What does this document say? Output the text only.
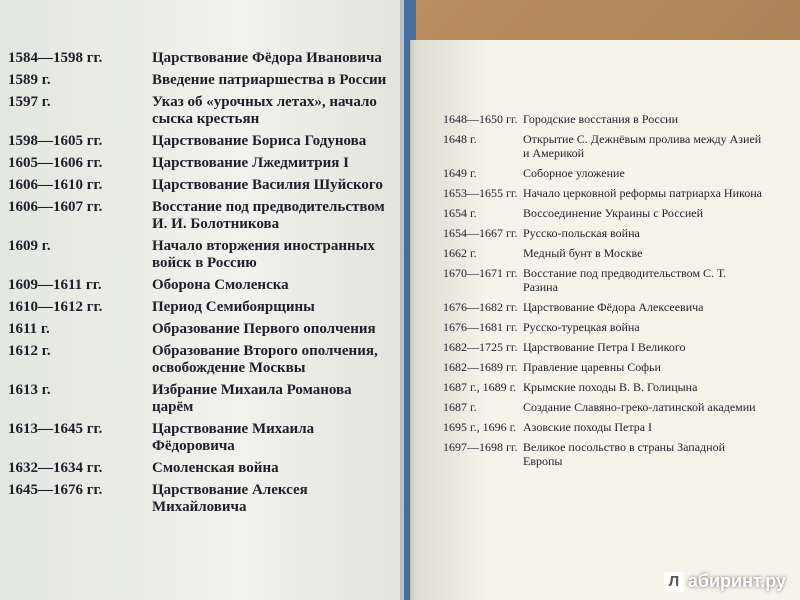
1584—1598 гг.	Царствование Фёдора Ивановича
1589 г.	Введение патриаршества в России
1597 г.	Указ об «урочных летах», начало сыска крестьян
1598—1605 гг.	Царствование Бориса Годунова
1605—1606 гг.	Царствование Лжедмитрия I
1606—1610 гг.	Царствование Василия Шуйского
1606—1607 гг.	Восстание под предводительством И. И. Болотникова
1609 г.	Начало вторжения иностранных войск в Россию
1609—1611 гг.	Оборона Смоленска
1610—1612 гг.	Период Семибоярщины
1611 г.	Образование Первого ополчения
1612 г.	Образование Второго ополчения, освобождение Москвы
1613 г.	Избрание Михаила Романова царём
1613—1645 гг.	Царствование Михаила Фёдоровича
1632—1634 гг.	Смоленская война
1645—1676 гг.	Царствование Алексея Михайловича
1648—1650 гг. Городские восстания в России
1648 г.	Открытие С. Дежнёвым пролива между Азией и Америкой
1649 г.	Соборное уложение
1653—1655 гг. Начало церковной реформы патриарха Никона
1654 г.	Воссоединение Украины с Россией
1654—1667 гг. Русско-польская война
1662 г.	Медный бунт в Москве
1670—1671 гг. Восстание под предводительством С. Т. Разина
1676—1682 гг. Царствование Фёдора Алексеевича
1676—1681 гг. Русско-турецкая война
1682—1725 гг. Царствование Петра I Великого
1682—1689 гг. Правление царевны Софьи
1687 г., 1689 г. Крымские походы В. В. Голицына
1687 г.	Создание Славяно-греко-латинской академии
1695 г., 1696 г. Азовские походы Петра I
1697—1698 гг. Великое посольство в страны Западной Европы
Л абиринт.ру
